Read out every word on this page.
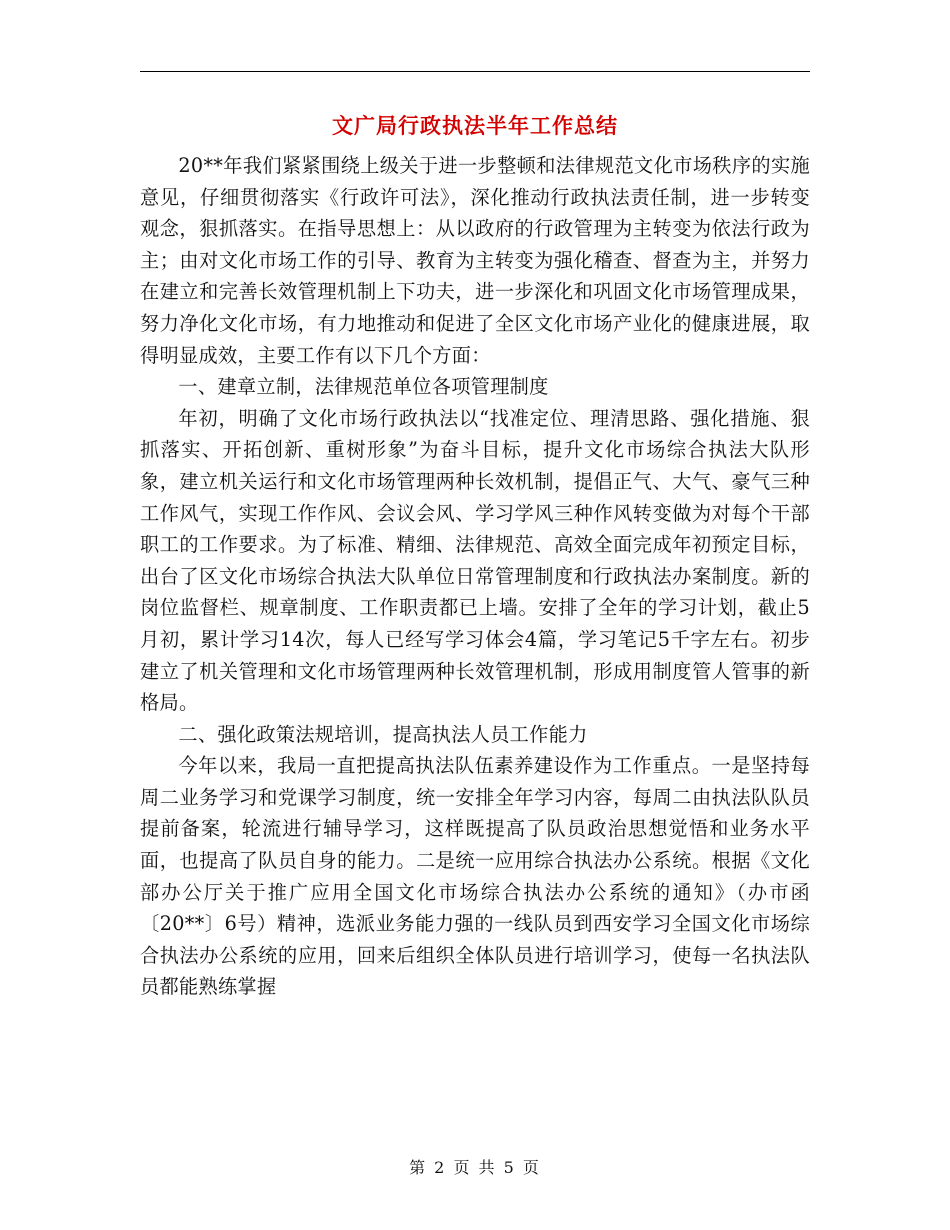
文广局行政执法半年工作总结

20**年我们紧紧围绕上级关于进一步整顿和法律规范文化市场秩序的实施意见，仔细贯彻落实《行政许可法》，深化推动行政执法责任制，进一步转变观念，狠抓落实。在指导思想上：从以政府的行政管理为主转变为依法行政为主；由对文化市场工作的引导、教育为主转变为强化稽查、督查为主，并努力在建立和完善长效管理机制上下功夫，进一步深化和巩固文化市场管理成果，努力净化文化市场，有力地推动和促进了全区文化市场产业化的健康进展，取得明显成效，主要工作有以下几个方面：

一、建章立制，法律规范单位各项管理制度

年初，明确了文化市场行政执法以“找准定位、理清思路、强化措施、狠抓落实、开拓创新、重树形象”为奋斗目标，提升文化市场综合执法大队形象，建立机关运行和文化市场管理两种长效机制，提倡正气、大气、豪气三种工作风气，实现工作作风、会议会风、学习学风三种作风转变做为对每个干部职工的工作要求。为了标准、精细、法律规范、高效全面完成年初预定目标，出台了区文化市场综合执法大队单位日常管理制度和行政执法办案制度。新的岗位监督栏、规章制度、工作职责都已上墙。安排了全年的学习计划，截止5月初，累计学习14次，每人已经写学习体会4篇，学习笔记5千字左右。初步建立了机关管理和文化市场管理两种长效管理机制，形成用制度管人管事的新格局。

二、强化政策法规培训，提高执法人员工作能力

今年以来，我局一直把提高执法队伍素养建设作为工作重点。一是坚持每周二业务学习和党课学习制度，统一安排全年学习内容，每周二由执法队队员提前备案，轮流进行辅导学习，这样既提高了队员政治思想觉悟和业务水平面，也提高了队员自身的能力。二是统一应用综合执法办公系统。根据《文化部办公厅关于推广应用全国文化市场综合执法办公系统的通知》（办市函〔20**〕6号）精神，选派业务能力强的一线队员到西安学习全国文化市场综合执法办公系统的应用，回来后组织全体队员进行培训学习，使每一名执法队员都能熟练掌握

第 2 页 共 5 页
